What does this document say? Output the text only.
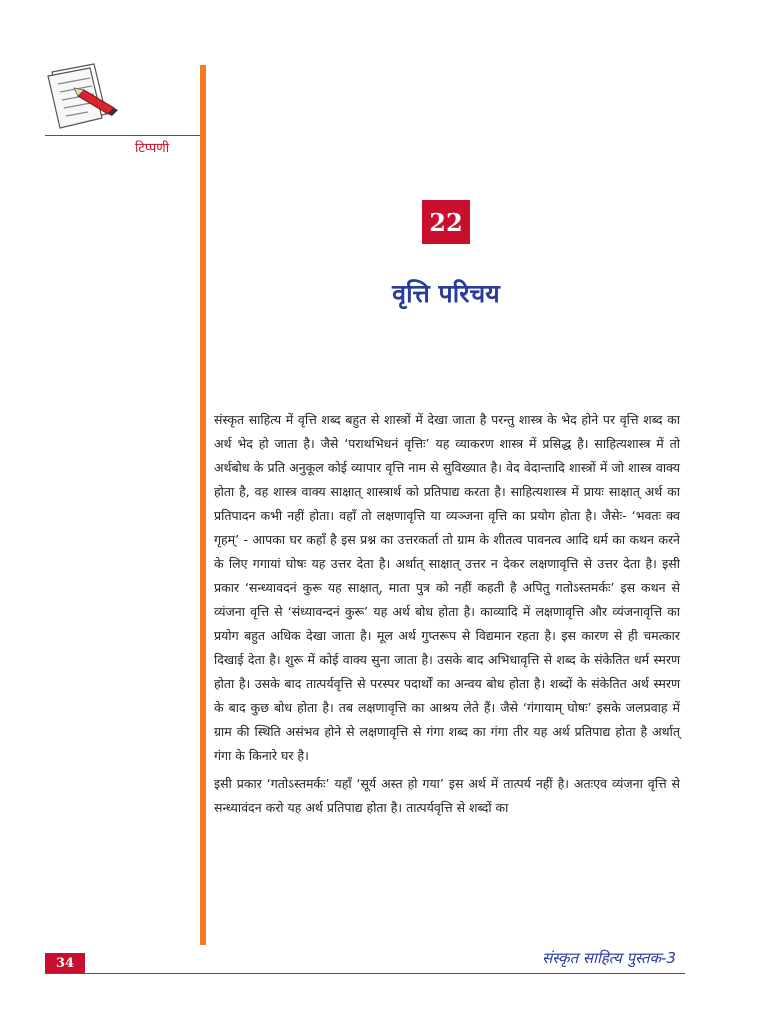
टिप्पणी
22
वृत्ति परिचय

संस्कृत साहित्य में वृत्ति शब्द बहुत से शास्त्रों में देखा जाता है परन्तु शास्त्र के भेद होने पर वृत्ति शब्द का अर्थ भेद हो जाता है। जैसे ‘पराथभिधनं वृत्तिः’ यह व्याकरण शास्त्र में प्रसिद्ध है। साहित्यशास्त्र में तो अर्थबोध के प्रति अनुकूल कोई व्यापार वृत्ति नाम से सुविख्यात है। वेद वेदान्तादि शास्त्रों में जो शास्त्र वाक्य होता है, वह शास्त्र वाक्य साक्षात् शास्त्रार्थ को प्रतिपाद्य करता है। साहित्यशास्त्र में प्रायः साक्षात् अर्थ का प्रतिपादन कभी नहीं होता। वहाँ तो लक्षणावृत्ति या व्यञ्जना वृत्ति का प्रयोग होता है। जैसेः- ‘भवतः क्व गृहम्’ - आपका घर कहाँ है इस प्रश्न का उत्तरकर्ता तो ग्राम के शीतत्व पावनत्व आदि धर्म का कथन करने के लिए गगायां घोषः यह उत्तर देता है। अर्थात् साक्षात् उत्तर न देकर लक्षणावृत्ति से उत्तर देता है। इसी प्रकार ‘सन्ध्यावदनं कुरू यह साक्षात्, माता पुत्र को नहीं कहती है अपितु गतोऽस्तमर्कः’ इस कथन से व्यंजना वृत्ति से ‘संध्यावन्दनं कुरू’ यह अर्थ बोध होता है। काव्यादि में लक्षणावृत्ति और व्यंजनावृत्ति का प्रयोग बहुत अधिक देखा जाता है। मूल अर्थ गुप्तरूप से विद्यमान रहता है। इस कारण से ही चमत्कार दिखाई देता है। शुरू में कोई वाक्य सुना जाता है। उसके बाद अभिधावृत्ति से शब्द के संकेतित धर्म स्मरण होता है। उसके बाद तात्पर्यवृत्ति से परस्पर पदार्थों का अन्वय बोध होता है। शब्दों के संकेतित अर्थ स्मरण के बाद कुछ बोध होता है। तब लक्षणावृत्ति का आश्रय लेते हैं। जैसे ‘गंगायाम् घोषः’ इसके जलप्रवाह में ग्राम की स्थिति असंभव होने से लक्षणावृत्ति से गंगा शब्द का गंगा तीर यह अर्थ प्रतिपाद्य होता है अर्थात् गंगा के किनारे घर है।

इसी प्रकार ‘गतोऽस्तमर्कः’ यहाँ ‘सूर्य अस्त हो गया’ इस अर्थ में तात्पर्य नहीं है। अतःएव व्यंजना वृत्ति से सन्ध्यावंदन करो यह अर्थ प्रतिपाद्य होता है। तात्पर्यवृत्ति से शब्दों का

34	संस्कृत साहित्य पुस्तक-3
